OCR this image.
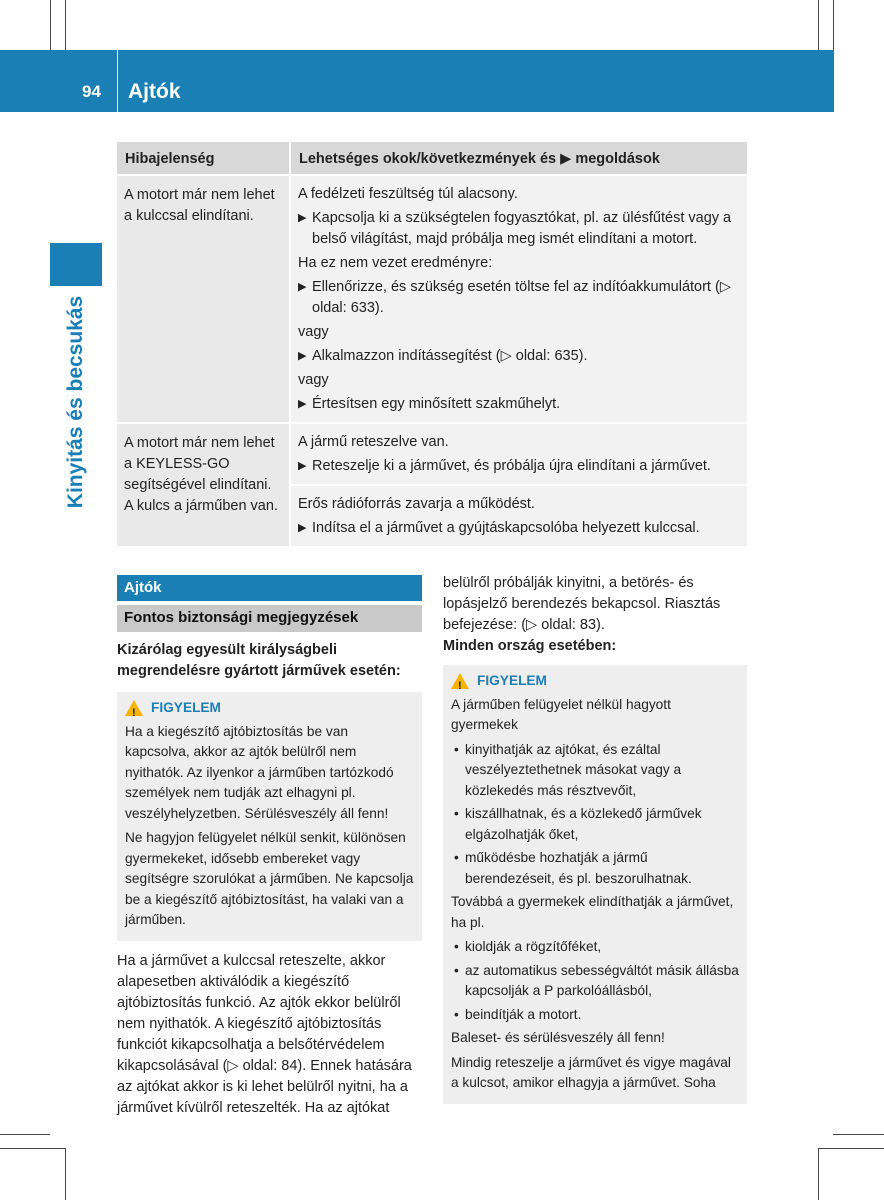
94 Ajtók
Kinyitás és becsukás
Hibajelenség	Lehetséges okok/következmények és ▶ megoldások
A motort már nem lehet a kulccsal elindítani.
A fedélzeti feszültség túl alacsony.
▶ Kapcsolja ki a szükségtelen fogyasztókat, pl. az ülésfűtést vagy a belső világítást, majd próbálja meg ismét elindítani a motort.
Ha ez nem vezet eredményre:
▶ Ellenőrizze, és szükség esetén töltse fel az indítóakkumulátort (▷ oldal: 633).
vagy
▶ Alkalmazzon indítássegítést (▷ oldal: 635).
vagy
▶ Értesítsen egy minősített szakműhelyt.
A motort már nem lehet a KEYLESS-GO segítségével elindítani. A kulcs a járműben van.
A jármű reteszelve van.
▶ Reteszelje ki a járművet, és próbálja újra elindítani a járművet.
Erős rádióforrás zavarja a működést.
▶ Indítsa el a járművet a gyújtáskapcsolóba helyezett kulccsal.
Ajtók
Fontos biztonsági megjegyzések
Kizárólag egyesült királyságbeli megrendelésre gyártott járművek esetén:
! FIGYELEM
Ha a kiegészítő ajtóbiztosítás be van kapcsolva, akkor az ajtók belülről nem nyithatók. Az ilyenkor a járműben tartózkodó személyek nem tudják azt elhagyni pl. veszélyhelyzetben. Sérülésveszély áll fenn!
Ne hagyjon felügyelet nélkül senkit, különösen gyermekeket, idősebb embereket vagy segítségre szorulókat a járműben. Ne kapcsolja be a kiegészítő ajtóbiztosítást, ha valaki van a járműben.
Ha a járművet a kulccsal reteszelte, akkor alapesetben aktiválódik a kiegészítő ajtóbiztosítás funkció. Az ajtók ekkor belülről nem nyithatók. A kiegészítő ajtóbiztosítás funkciót kikapcsolhatja a belsőtérvédelem kikapcsolásával (▷ oldal: 84). Ennek hatására az ajtókat akkor is ki lehet belülről nyitni, ha a járművet kívülről reteszelték. Ha az ajtókat
belülről próbálják kinyitni, a betörés- és lopásjelző berendezés bekapcsol. Riasztás befejezése: (▷ oldal: 83).
Minden ország esetében:
! FIGYELEM
A járműben felügyelet nélkül hagyott gyermekek
• kinyithatják az ajtókat, és ezáltal veszélyeztethetnek másokat vagy a közlekedés más résztvevőit,
• kiszállhatnak, és a közlekedő járművek elgázolhatják őket,
• működésbe hozhatják a jármű berendezéseit, és pl. beszorulhatnak.
Továbbá a gyermekek elindíthatják a járművet, ha pl.
• kioldják a rögzítőféket,
• az automatikus sebességváltót másik állásba kapcsolják a P parkolóállásból,
• beindítják a motort.
Baleset- és sérülésveszély áll fenn!
Mindig reteszelje a járművet és vigye magával a kulcsot, amikor elhagyja a járművet. Soha
